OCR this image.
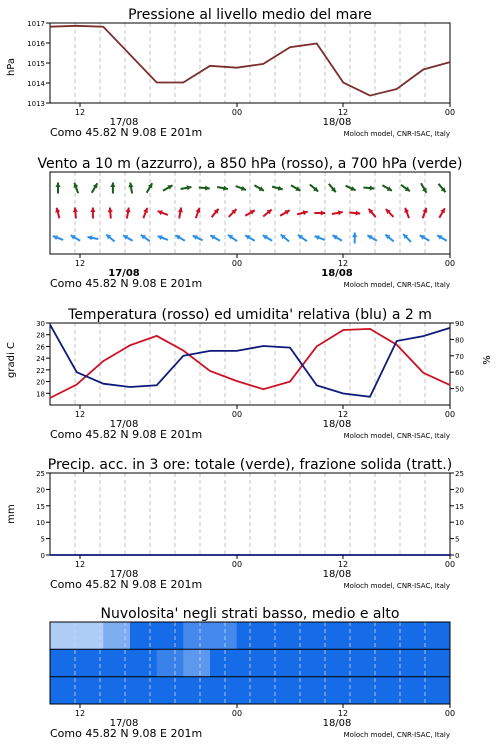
Pressione al livello medio del mare
hPa
1013
1014
1015
1016
1017
12	00	12	00
17/08	18/08
Como 45.82 N 9.08 E 201m	Moloch model, CNR-ISAC, Italy
Vento a 10 m (azzurro), a 850 hPa (rosso), a 700 hPa (verde)
12	00	12	00
17/08	18/08
Como 45.82 N 9.08 E 201m	Moloch model, CNR-ISAC, Italy
Temperatura (rosso) ed umidita' relativa (blu) a 2 m
gradi C	%
18
20
22
24
26
28
30
50
60
70
80
90
12	00	12	00
17/08	18/08
Como 45.82 N 9.08 E 201m	Moloch model, CNR-ISAC, Italy
Precip. acc. in 3 ore: totale (verde), frazione solida (tratt.)
mm
0
5
10
15
20
25
0
5
10
15
20
25
12	00	12	00
17/08	18/08
Como 45.82 N 9.08 E 201m	Moloch model, CNR-ISAC, Italy
Nuvolosita' negli strati basso, medio e alto
12	00	12	00
17/08	18/08
Como 45.82 N 9.08 E 201m	Moloch model, CNR-ISAC, Italy
